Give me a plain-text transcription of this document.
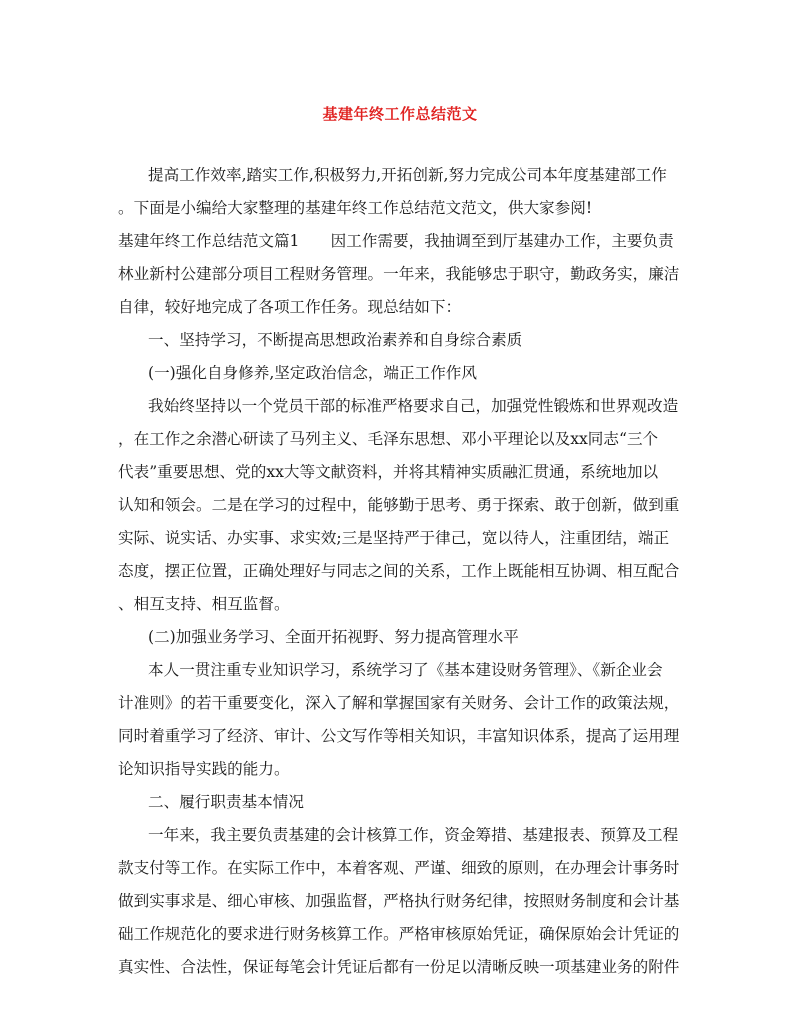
基建年终工作总结范文
提高工作效率,踏实工作,积极努力,开拓创新,努力完成公司本年度基建部工作
。下面是小编给大家整理的基建年终工作总结范文范文，供大家参阅!
基建年终工作总结范文篇1　　因工作需要，我抽调至到厅基建办工作，主要负责
林业新村公建部分项目工程财务管理。一年来，我能够忠于职守，勤政务实，廉洁
自律，较好地完成了各项工作任务。现总结如下：
一、坚持学习，不断提高思想政治素养和自身综合素质
(一)强化自身修养,坚定政治信念，端正工作作风
我始终坚持以一个党员干部的标准严格要求自己，加强党性锻炼和世界观改造
，在工作之余潜心研读了马列主义、毛泽东思想、邓小平理论以及xx同志“三个
代表”重要思想、党的xx大等文献资料，并将其精神实质融汇贯通，系统地加以
认知和领会。二是在学习的过程中，能够勤于思考、勇于探索、敢于创新，做到重
实际、说实话、办实事、求实效;三是坚持严于律己，宽以待人，注重团结，端正
态度，摆正位置，正确处理好与同志之间的关系，工作上既能相互协调、相互配合
、相互支持、相互监督。
(二)加强业务学习、全面开拓视野、努力提高管理水平
本人一贯注重专业知识学习，系统学习了《基本建设财务管理》、《新企业会
计准则》的若干重要变化，深入了解和掌握国家有关财务、会计工作的政策法规，
同时着重学习了经济、审计、公文写作等相关知识，丰富知识体系，提高了运用理
论知识指导实践的能力。
二、履行职责基本情况
一年来，我主要负责基建的会计核算工作，资金筹措、基建报表、预算及工程
款支付等工作。在实际工作中，本着客观、严谨、细致的原则，在办理会计事务时
做到实事求是、细心审核、加强监督，严格执行财务纪律，按照财务制度和会计基
础工作规范化的要求进行财务核算工作。严格审核原始凭证，确保原始会计凭证的
真实性、合法性，保证每笔会计凭证后都有一份足以清晰反映一项基建业务的附件
